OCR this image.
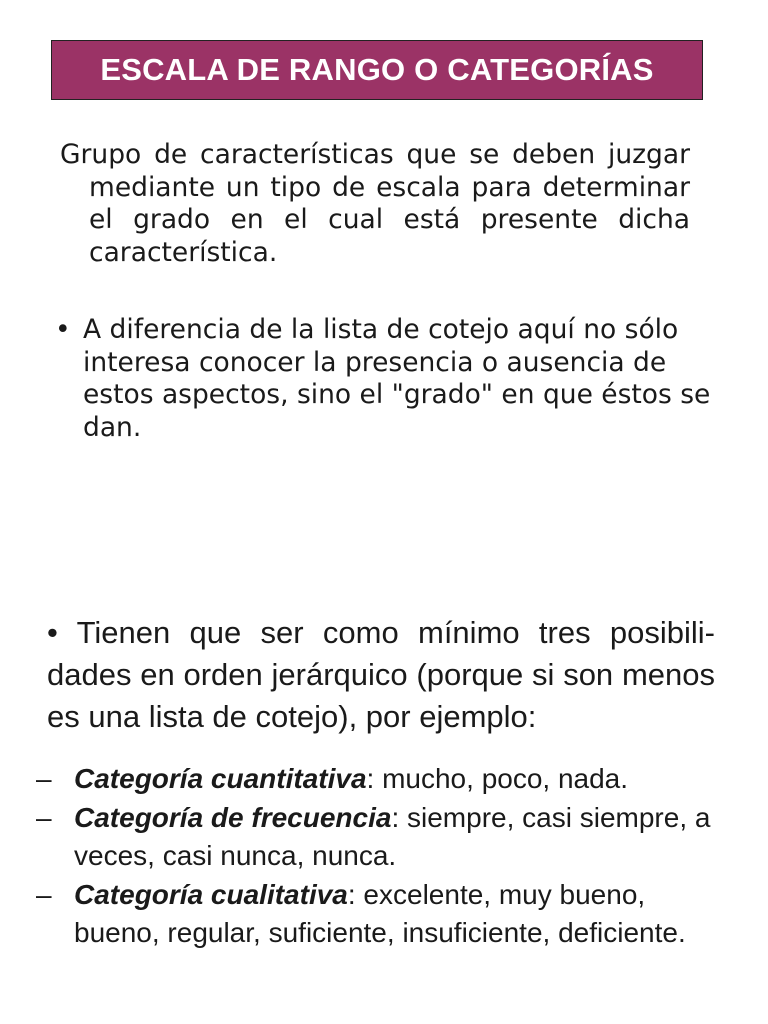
ESCALA DE RANGO O CATEGORÍAS

Grupo de características que se deben juzgar mediante un tipo de escala para determinar el grado en el cual está presente dicha característica.

• A diferencia de la lista de cotejo aquí no sólo interesa conocer la presencia o ausencia de estos aspectos, sino el "grado" en que éstos se dan.

• Tienen que ser como mínimo tres posibili-dades en orden jerárquico (porque si son menos es una lista de cotejo), por ejemplo:

– Categoría cuantitativa: mucho, poco, nada.
– Categoría de frecuencia: siempre, casi siempre, a veces, casi nunca, nunca.
– Categoría cualitativa: excelente, muy bueno, bueno, regular, suficiente, insuficiente, deficiente.
